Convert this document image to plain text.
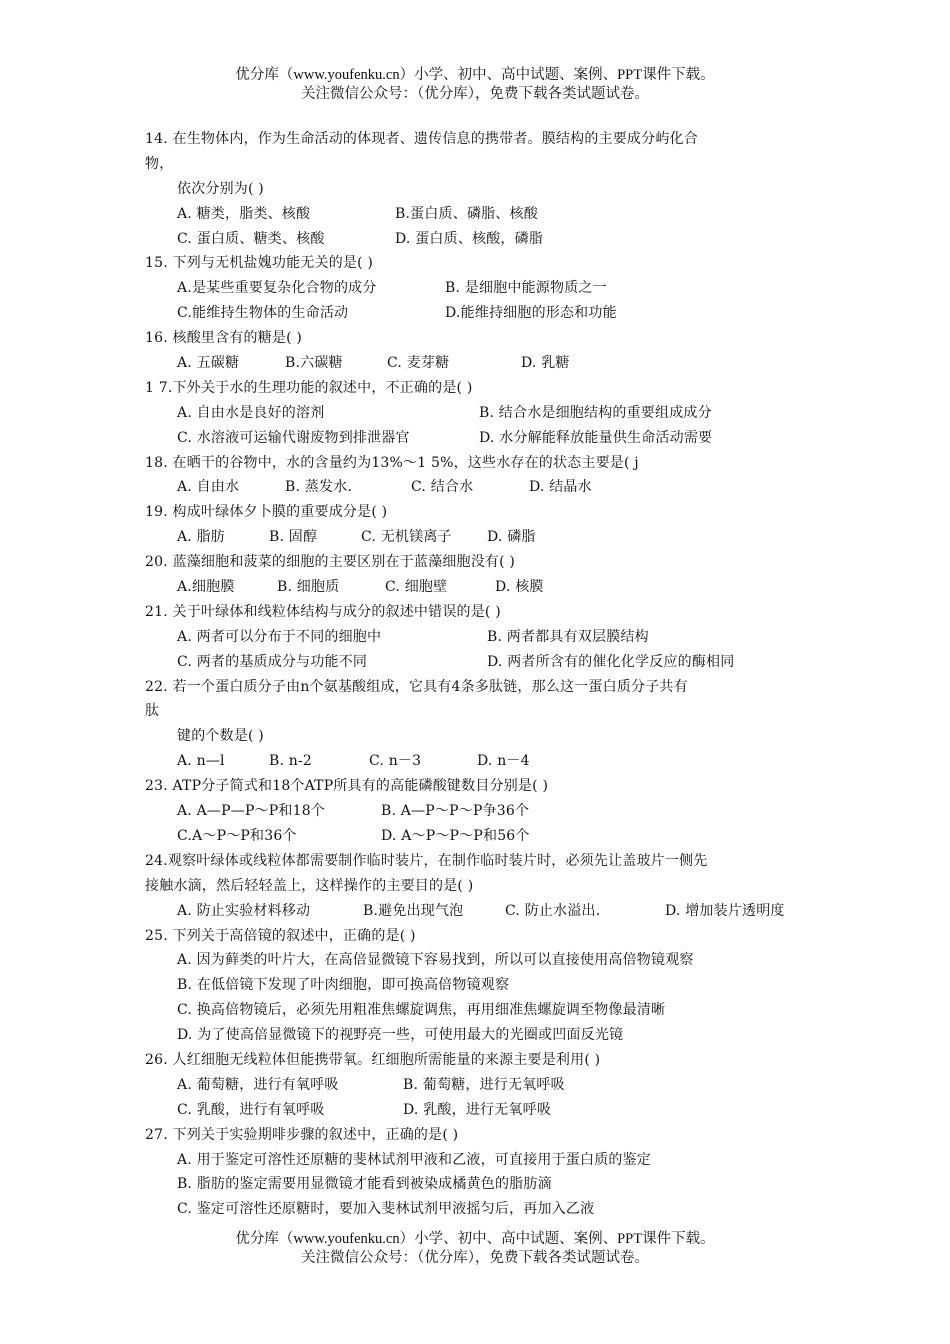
优分库（www.youfenku.cn）小学、初中、高中试题、案例、PPT课件下载。
关注微信公众号：（优分库），免费下载各类试题试卷。
14. 在生物体内，作为生命活动的体现者、遗传信息的携带者。膜结构的主要成分屿化合
物，
依次分别为( )
A. 糖类，脂类、核酸	B.蛋白质、磷脂、核酸
C. 蛋白质、糖类、核酸	D. 蛋白质、核酸，磷脂
15. 下列与无机盐媿功能无关的是( )
A.是某些重要复杂化合物的成分	B. 是细胞中能源物质之一
C.能维持生物体的生命活动	D.能维持细胞的形态和功能
16. 核酸里含有的糖是( )
A. 五碳糖	B.六碳糖	C. 麦芽糖	D. 乳糖
1 7.下外关于水的生理功能的叙述中，不正确的是( )
A. 自由水是良好的溶剂	B. 结合水是细胞结构的重要组成成分
C. 水溶液可运输代谢废物到排泄器官	D. 水分解能释放能量供生命活动需要
18. 在晒干的谷物中，水的含量约为13%～1 5%，这些水存在的状态主要是( j
A. 自由水	B. 蒸发水.	C. 结合水	D. 结晶水
19. 构成叶绿体夕卜膜的重要成分是( )
A. 脂肪	B. 固醇	C. 无机镁离子	D. 磷脂
20. 蓝藻细胞和菠菜的细胞的主要区别在于蓝藻细胞没有( )
A.细胞膜	B. 细胞质	C. 细胞壁	D. 核膜
21. 关于叶绿体和线粒体结构与成分的叙述中错误的是( )
A. 两者可以分布于不同的细胞中	B. 两者都具有双层膜结构
C. 两者的基质成分与功能不同	D. 两者所含有的催化化学反应的酶相同
22. 若一个蛋白质分子由n个氨基酸组成，它具有4条多肽链，那么这一蛋白质分子共有
肽
键的个数是( )
A. n—l	B. n-2	C. n－3	D. n－4
23. ATP分子简式和18个ATP所具有的高能磷酸键数目分别是( )
A. A—P—P～P和18个	B. A—P～P～P争36个
C.A～P～P和36个	D. A～P～P～P和56个
24.观察叶绿体或线粒体都需要制作临时装片，在制作临时装片时，必须先让盖玻片一侧先
接触水滴，然后轻轻盖上，这样操作的主要目的是( )
A. 防止实验材料移动	B.避免出现气泡	C. 防止水溢出.	D. 增加装片透明度
25. 下列关于高倍镜的叙述中，正确的是( )
A. 因为藓类的叶片大，在高倍显微镜下容易找到，所以可以直接使用高倍物镜观察
B. 在低倍镜下发现了叶肉细胞，即可换高倍物镜观察
C. 换高倍物镜后，必须先用粗准焦螺旋调焦，再用细准焦螺旋调至物像最清晰
D. 为了使高倍显微镜下的视野亮一些，可使用最大的光圈或凹面反光镜
26. 人红细胞无线粒体但能携带氧。红细胞所需能量的来源主要是利用( )
A. 葡萄糖，进行有氧呼吸	B. 葡萄糖，进行无氧呼吸
C. 乳酸，进行有氧呼吸	D. 乳酸，进行无氧呼吸
27. 下列关于实验期啡步骤的叙述中，正确的是( )
A. 用于鉴定可溶性还原糖的斐林试剂甲液和乙液，可直接用于蛋白质的鉴定
B. 脂肪的鉴定需要用显微镜才能看到被染成橘黄色的脂肪滴
C. 鉴定可溶性还原糖时，要加入斐林试剂甲液摇匀后，再加入乙液
优分库（www.youfenku.cn）小学、初中、高中试题、案例、PPT课件下载。
关注微信公众号：（优分库），免费下载各类试题试卷。
